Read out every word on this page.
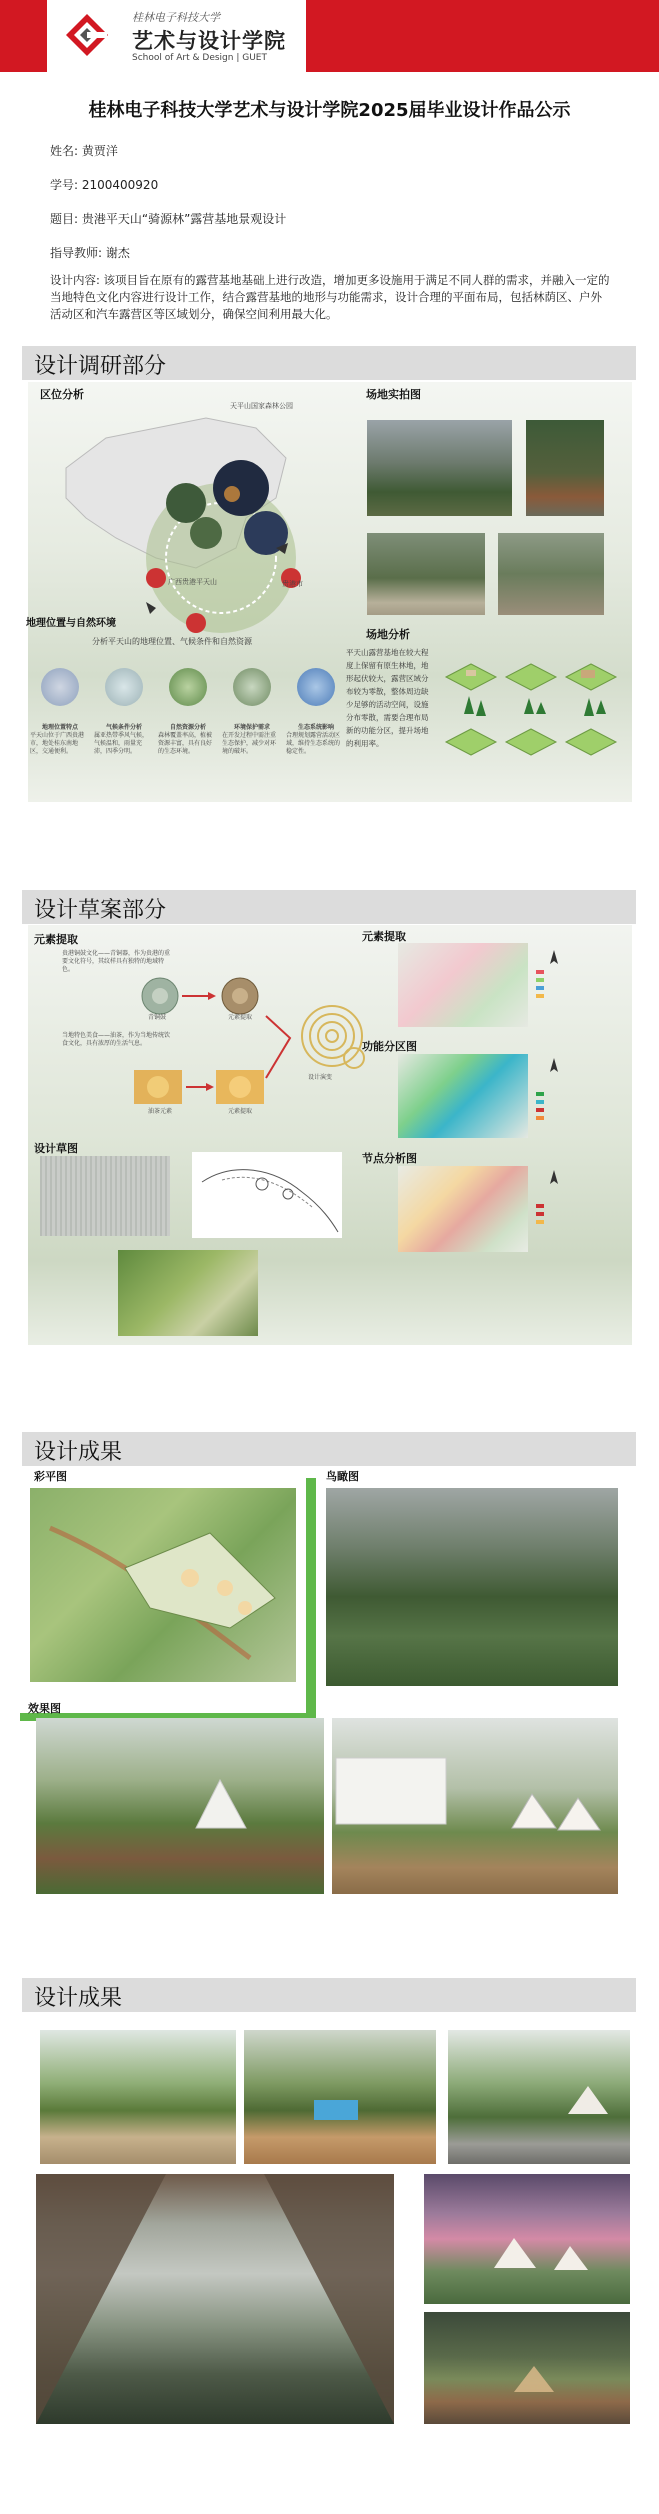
桂林电子科技大学
艺术与设计学院
School of Art & Design | GUET
桂林电子科技大学艺术与设计学院2025届毕业设计作品公示
姓名: 黄贾洋
学号: 2100400920
题目: 贵港平天山“骑源林”露营基地景观设计
指导教师: 谢杰
设计内容: 该项目旨在原有的露营基地基础上进行改造，增加更多设施用于满足不同人群的需求，并融入一定的当地特色文化内容进行设计工作，结合露营基地的地形与功能需求，设计合理的平面布局，包括林荫区、户外活动区和汽车露营区等区域划分，确保空间利用最大化。
设计调研部分
区位分析	场地实拍图
天平山国家森林公园
广西贵港平天山	贵港市
地理位置与自然环境
分析平天山的地理位置、气候条件和自然资源
场地分析
平天山露营基地在较大程度上保留有原生林地，地形起伏较大，露营区域分布较为零散，整体周边缺少足够的活动空间，设施分布零散，需要合理布局新的功能分区，提升场地的利用率。
地理位置特点
平天山位于广西贵港市，地处桂东南地区，交通便利。
气候条件分析
属亚热带季风气候，气候温和，雨量充沛，四季分明。
自然资源分析
森林覆盖率高，植被资源丰富，具有良好的生态环境。
环境保护需求
在开发过程中需注重生态保护，减少对环境的破坏。
生态系统影响
合理规划露营活动区域，维持生态系统的稳定性。
设计草案部分
元素提取
贵港铜鼓文化——青铜器，作为贵港的重要文化符号，其纹样具有独特的地域特色。
当地特色美食——油茶，作为当地传统饮食文化，具有浓厚的生活气息。
青铜鼓	元素提取
设计演变
油茶元素	元素提取
设计草图
元素提取
功能分区图
节点分析图
设计成果
彩平图	鸟瞰图
效果图
设计成果
